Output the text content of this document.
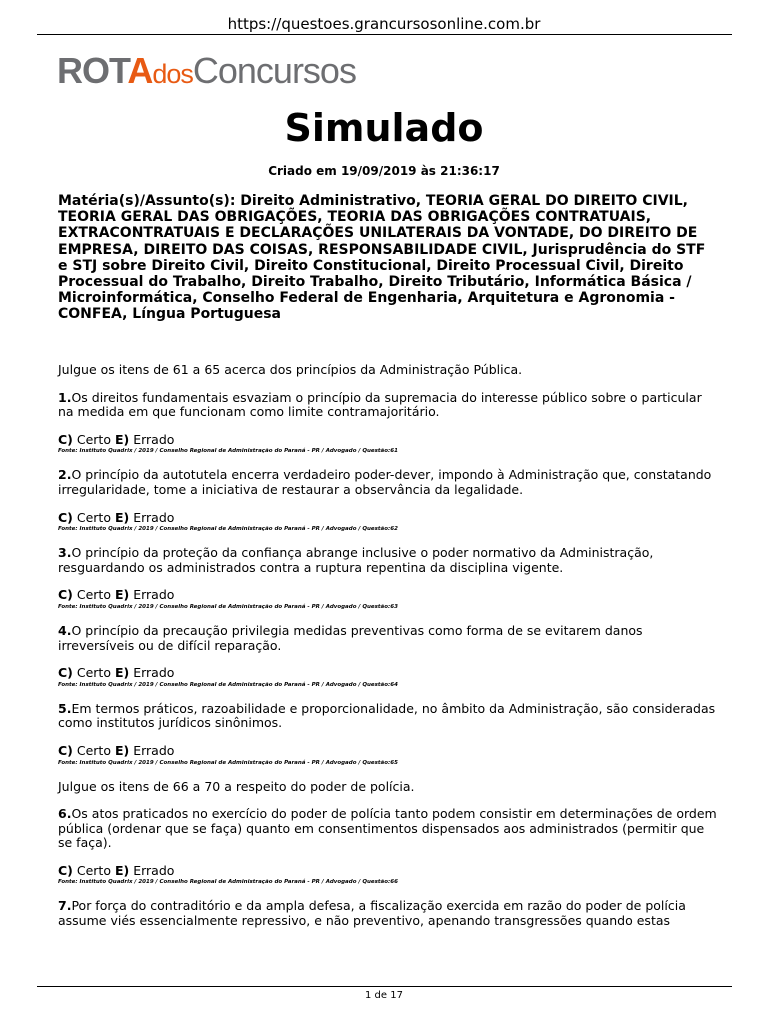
https://questoes.grancursosonline.com.br
ROTAdosConcursos
Simulado
Criado em 19/09/2019 às 21:36:17
Matéria(s)/Assunto(s): Direito Administrativo, TEORIA GERAL DO DIREITO CIVIL, TEORIA GERAL DAS OBRIGAÇÕES, TEORIA DAS OBRIGAÇÕES CONTRATUAIS, EXTRACONTRATUAIS E DECLARAÇÕES UNILATERAIS DA VONTADE, DO DIREITO DE EMPRESA, DIREITO DAS COISAS, RESPONSABILIDADE CIVIL, Jurisprudência do STF e STJ sobre Direito Civil, Direito Constitucional, Direito Processual Civil, Direito Processual do Trabalho, Direito Trabalho, Direito Tributário, Informática Básica / Microinformática, Conselho Federal de Engenharia, Arquitetura e Agronomia - CONFEA, Língua Portuguesa

Julgue os itens de 61 a 65 acerca dos princípios da Administração Pública.

1.Os direitos fundamentais esvaziam o princípio da supremacia do interesse público sobre o particular na medida em que funcionam como limite contramajoritário.

C) Certo E) Errado

Fonte: Instituto Quadrix / 2019 / Conselho Regional de Administração do Paraná - PR / Advogado / Questão:61

2.O princípio da autotutela encerra verdadeiro poder-dever, impondo à Administração que, constatando irregularidade, tome a iniciativa de restaurar a observância da legalidade.

C) Certo E) Errado

Fonte: Instituto Quadrix / 2019 / Conselho Regional de Administração do Paraná - PR / Advogado / Questão:62

3.O princípio da proteção da confiança abrange inclusive o poder normativo da Administração, resguardando os administrados contra a ruptura repentina da disciplina vigente.

C) Certo E) Errado

Fonte: Instituto Quadrix / 2019 / Conselho Regional de Administração do Paraná - PR / Advogado / Questão:63

4.O princípio da precaução privilegia medidas preventivas como forma de se evitarem danos irreversíveis ou de difícil reparação.

C) Certo E) Errado

Fonte: Instituto Quadrix / 2019 / Conselho Regional de Administração do Paraná - PR / Advogado / Questão:64

5.Em termos práticos, razoabilidade e proporcionalidade, no âmbito da Administração, são consideradas como institutos jurídicos sinônimos.

C) Certo E) Errado

Fonte: Instituto Quadrix / 2019 / Conselho Regional de Administração do Paraná - PR / Advogado / Questão:65

Julgue os itens de 66 a 70 a respeito do poder de polícia.

6.Os atos praticados no exercício do poder de polícia tanto podem consistir em determinações de ordem pública (ordenar que se faça) quanto em consentimentos dispensados aos administrados (permitir que se faça).

C) Certo E) Errado

Fonte: Instituto Quadrix / 2019 / Conselho Regional de Administração do Paraná - PR / Advogado / Questão:66

7.Por força do contraditório e da ampla defesa, a fiscalização exercida em razão do poder de polícia assume viés essencialmente repressivo, e não preventivo, apenando transgressões quando estas

1 de 17
